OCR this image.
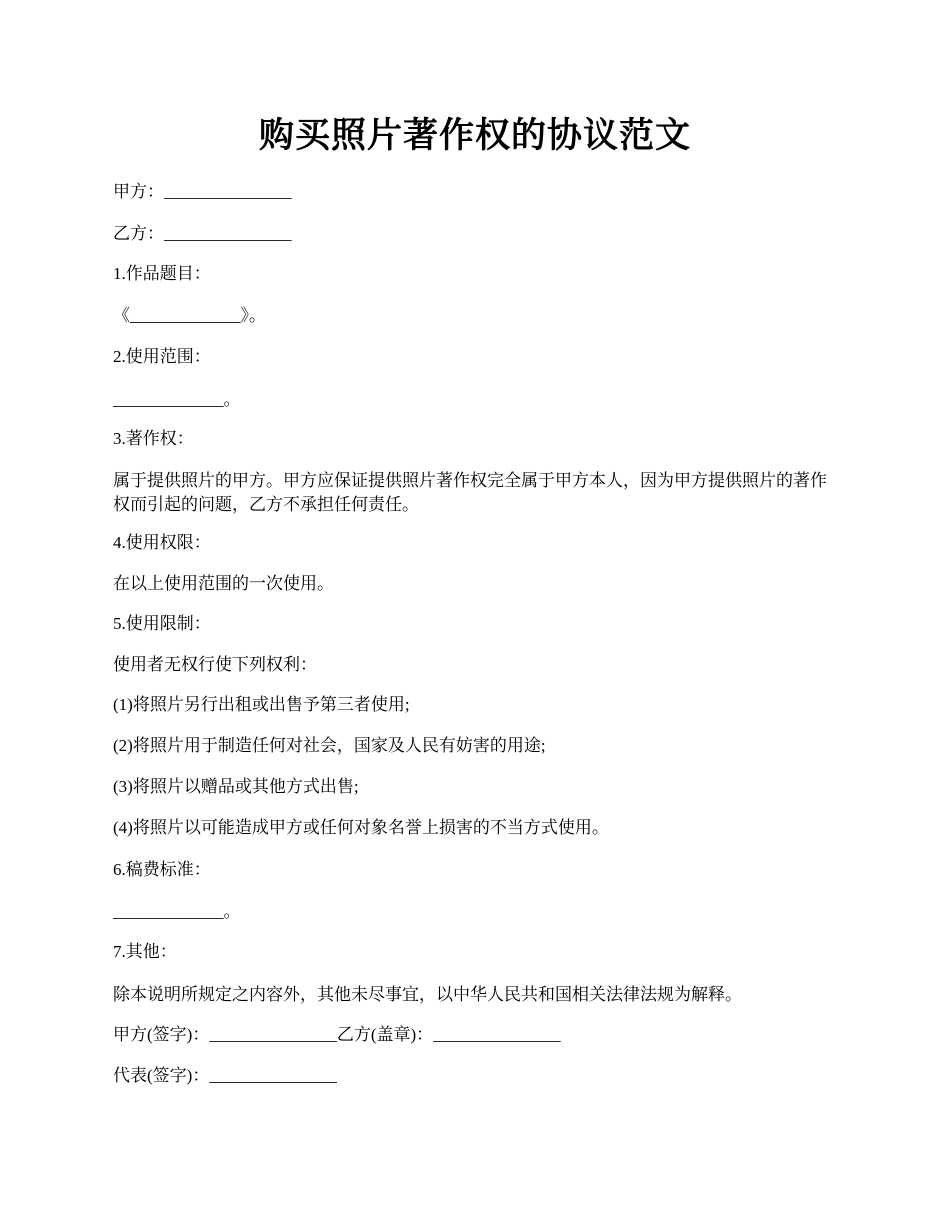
购买照片著作权的协议范文
甲方：_______________
乙方：_______________
1.作品题目：
《_____________》。
2.使用范围：
_____________。
3.著作权：
属于提供照片的甲方。甲方应保证提供照片著作权完全属于甲方本人，因为甲方提供照片的著作权而引起的问题，乙方不承担任何责任。
4.使用权限：
在以上使用范围的一次使用。
5.使用限制：
使用者无权行使下列权利：
(1)将照片另行出租或出售予第三者使用;
(2)将照片用于制造任何对社会，国家及人民有妨害的用途;
(3)将照片以赠品或其他方式出售;
(4)将照片以可能造成甲方或任何对象名誉上损害的不当方式使用。
6.稿费标准：
_____________。
7.其他：
除本说明所规定之内容外，其他未尽事宜，以中华人民共和国相关法律法规为解释。
甲方(签字)：_______________乙方(盖章)：_______________
代表(签字)：_______________
